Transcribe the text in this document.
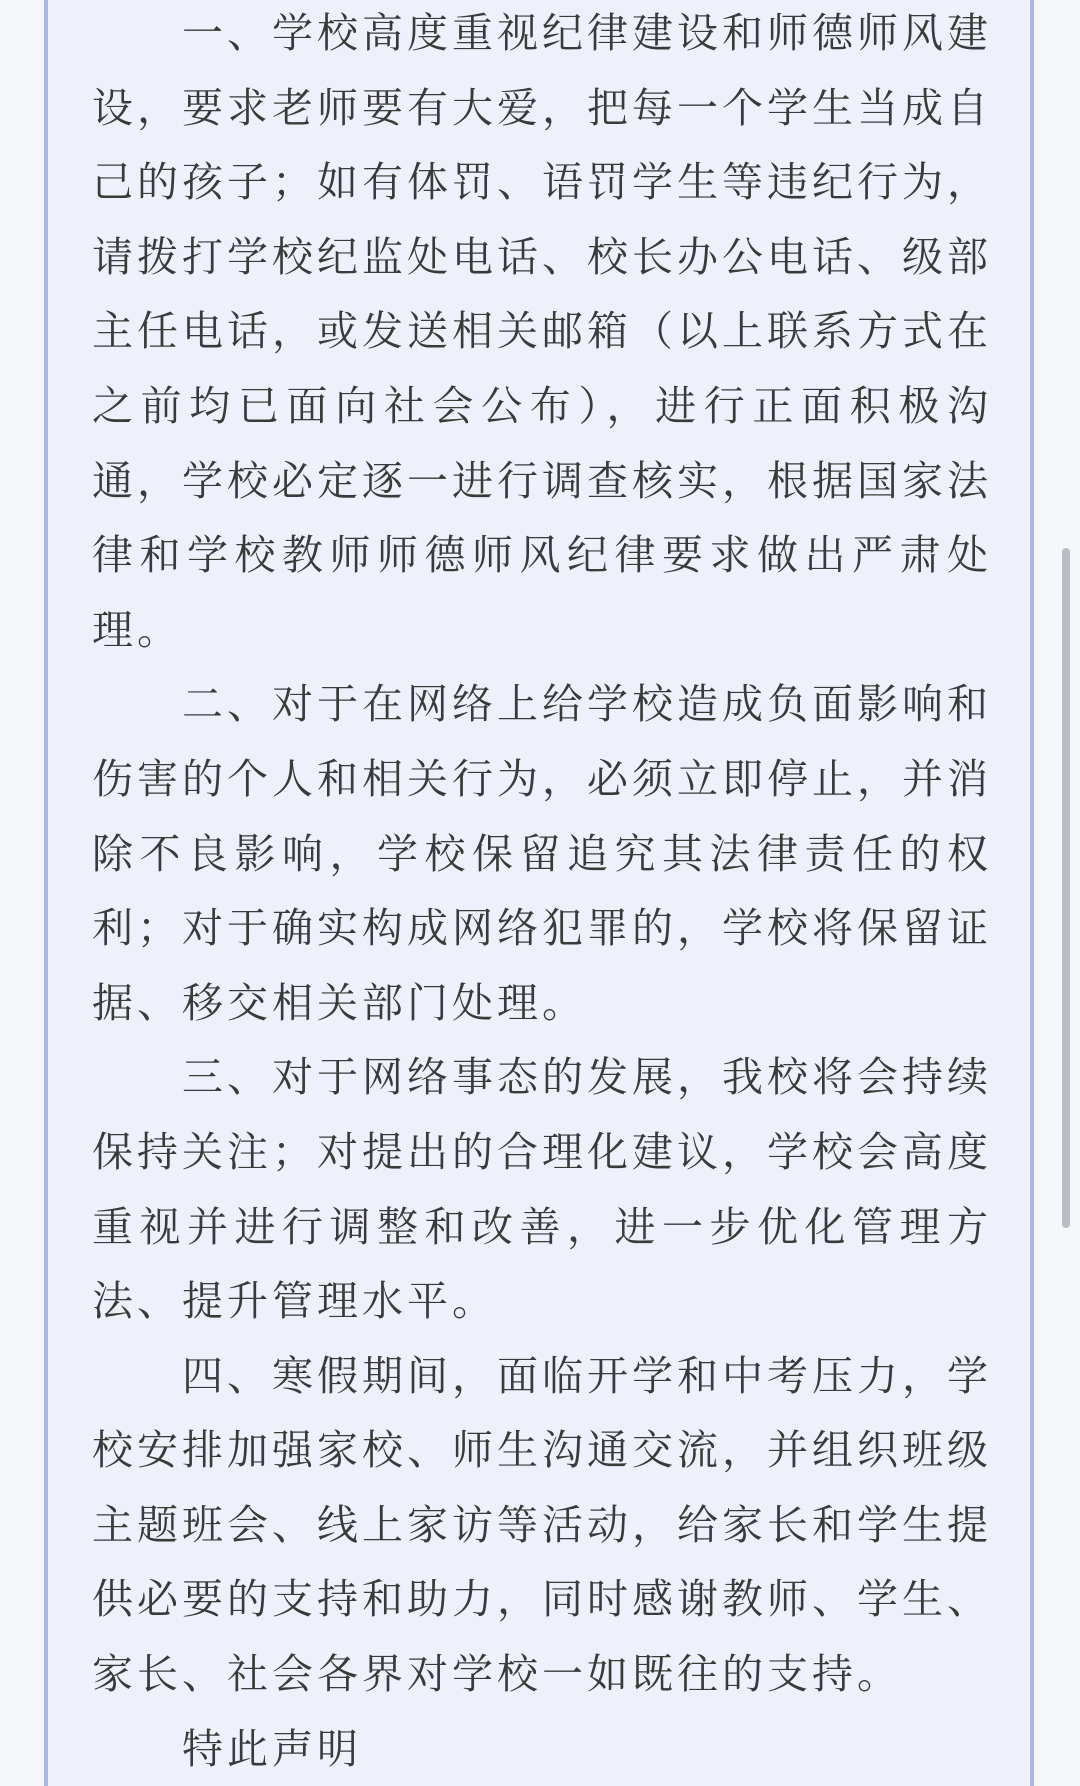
一、学校高度重视纪律建设和师德师风建设，要求老师要有大爱，把每一个学生当成自己的孩子；如有体罚、语罚学生等违纪行为，请拨打学校纪监处电话、校长办公电话、级部主任电话，或发送相关邮箱（以上联系方式在之前均已面向社会公布），进行正面积极沟通，学校必定逐一进行调查核实，根据国家法律和学校教师师德师风纪律要求做出严肃处理。

二、对于在网络上给学校造成负面影响和伤害的个人和相关行为，必须立即停止，并消除不良影响，学校保留追究其法律责任的权利；对于确实构成网络犯罪的，学校将保留证据、移交相关部门处理。

三、对于网络事态的发展，我校将会持续保持关注；对提出的合理化建议，学校会高度重视并进行调整和改善，进一步优化管理方法、提升管理水平。

四、寒假期间，面临开学和中考压力，学校安排加强家校、师生沟通交流，并组织班级主题班会、线上家访等活动，给家长和学生提供必要的支持和助力，同时感谢教师、学生、家长、社会各界对学校一如既往的支持。

特此声明
